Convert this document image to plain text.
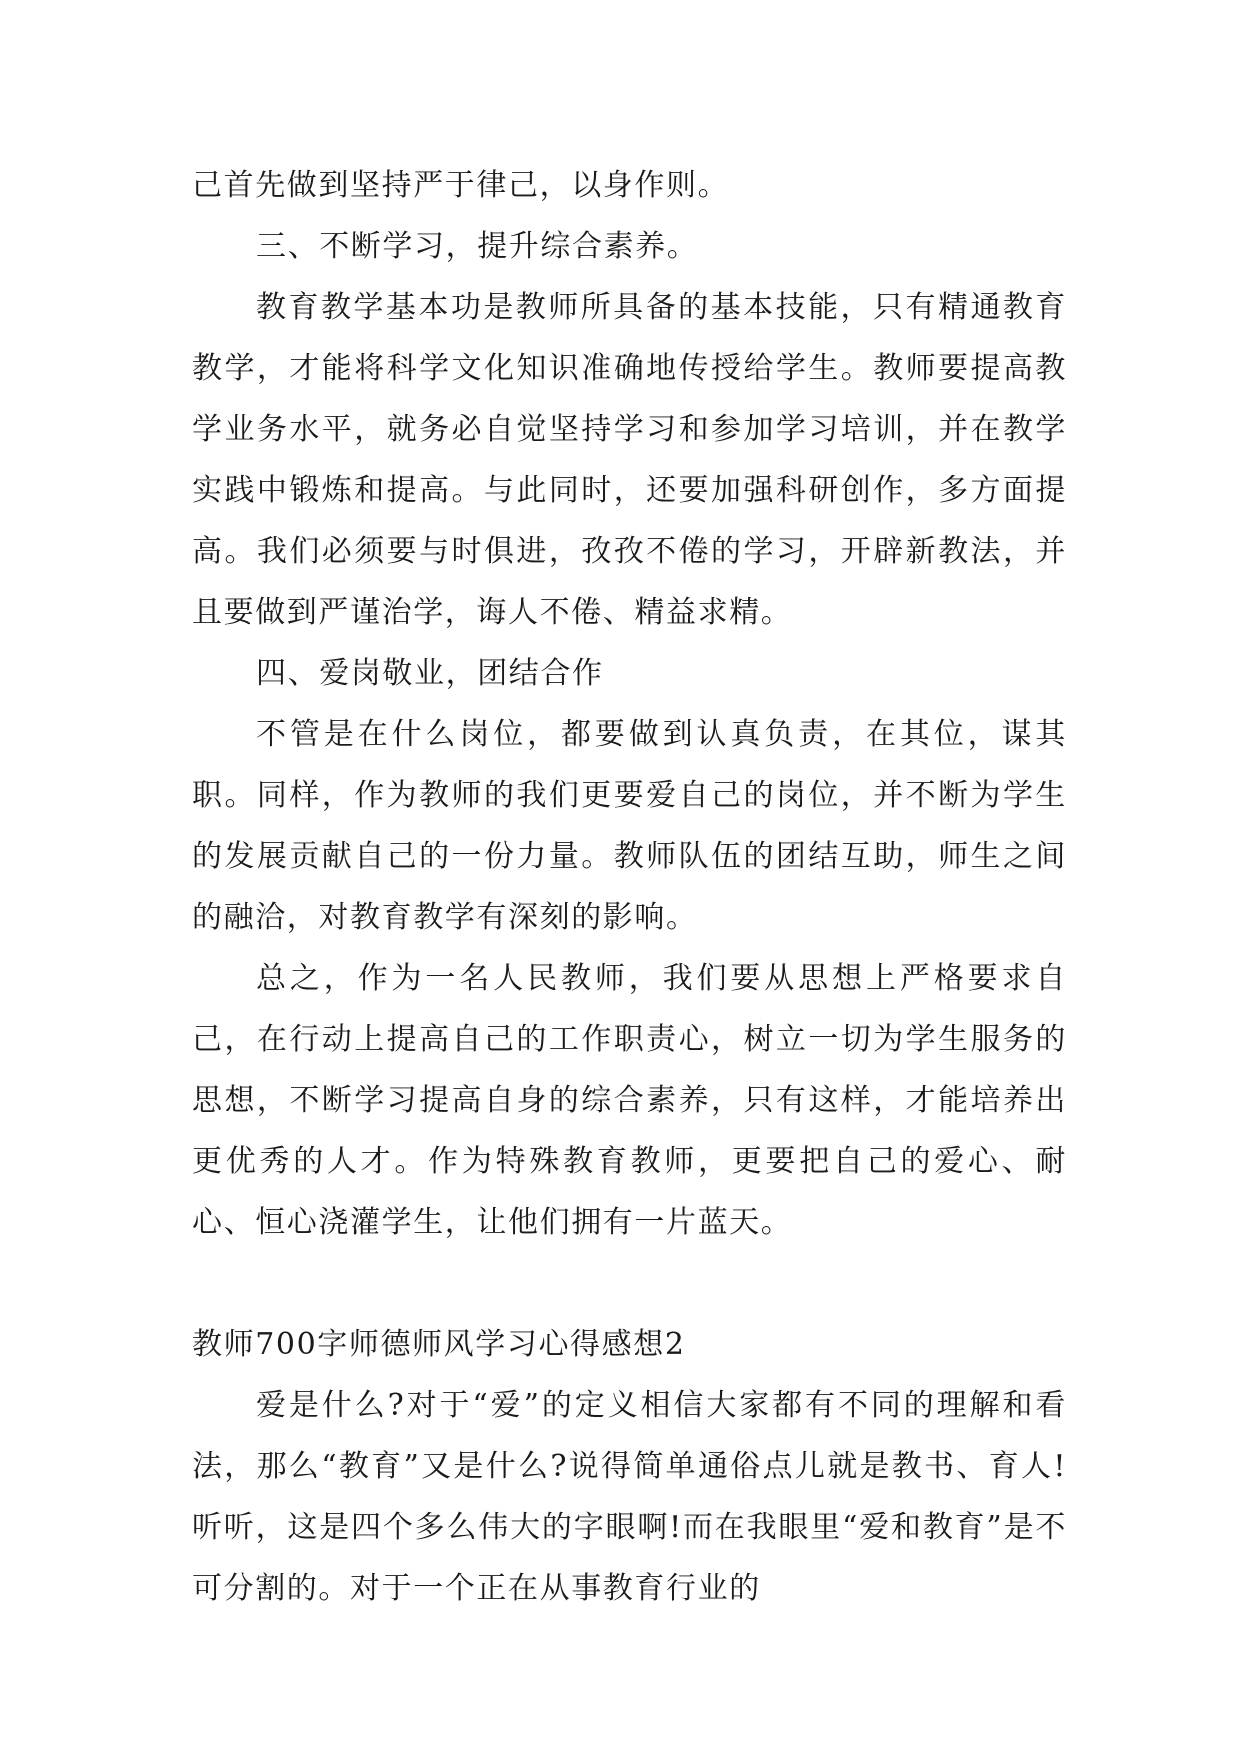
己首先做到坚持严于律己，以身作则。

三、不断学习，提升综合素养。

教育教学基本功是教师所具备的基本技能，只有精通教育教学，才能将科学文化知识准确地传授给学生。教师要提高教学业务水平，就务必自觉坚持学习和参加学习培训，并在教学实践中锻炼和提高。与此同时，还要加强科研创作，多方面提高。我们必须要与时俱进，孜孜不倦的学习，开辟新教法，并且要做到严谨治学，诲人不倦、精益求精。

四、爱岗敬业，团结合作

不管是在什么岗位，都要做到认真负责，在其位，谋其职。同样，作为教师的我们更要爱自己的岗位，并不断为学生的发展贡献自己的一份力量。教师队伍的团结互助，师生之间的融洽，对教育教学有深刻的影响。

总之，作为一名人民教师，我们要从思想上严格要求自己，在行动上提高自己的工作职责心，树立一切为学生服务的思想，不断学习提高自身的综合素养，只有这样，才能培养出更优秀的人才。作为特殊教育教师，更要把自己的爱心、耐心、恒心浇灌学生，让他们拥有一片蓝天。

教师700字师德师风学习心得感想2

爱是什么?对于“爱”的定义相信大家都有不同的理解和看法，那么“教育”又是什么?说得简单通俗点儿就是教书、育人!听听，这是四个多么伟大的字眼啊!而在我眼里“爱和教育”是不可分割的。对于一个正在从事教育行业的
